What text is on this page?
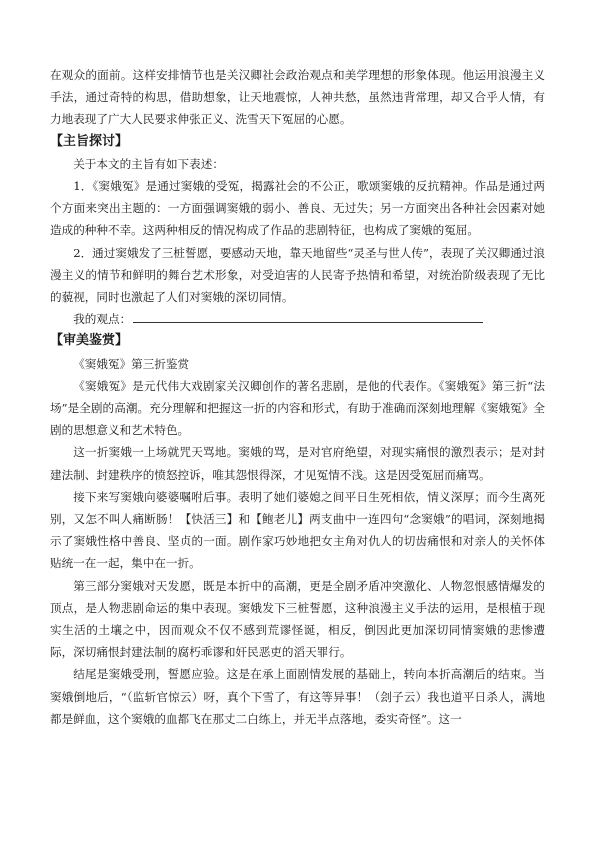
在观众的面前。这样安排情节也是关汉卿社会政治观点和美学理想的形象体现。他运用浪漫主义手法，通过奇特的构思，借助想象，让天地震惊，人神共愁，虽然违背常理，却又合乎人情，有力地表现了广大人民要求伸张正义、洗雪天下冤屈的心愿。

【主旨探讨】

关于本文的主旨有如下表述：

1．《窦娥冤》是通过窦娥的受冤，揭露社会的不公正，歌颂窦娥的反抗精神。作品是通过两个方面来突出主题的：一方面强调窦娥的弱小、善良、无过失；另一方面突出各种社会因素对她造成的种种不幸。这两种相反的情况构成了作品的悲剧特征，也构成了窦娥的冤屈。

2．通过窦娥发了三桩誓愿，要感动天地，靠天地留些“灵圣与世人传”，表现了关汉卿通过浪漫主义的情节和鲜明的舞台艺术形象，对受迫害的人民寄予热情和希望，对统治阶级表现了无比的藐视，同时也激起了人们对窦娥的深切同情。

我的观点：

【审美鉴赏】

《窦娥冤》第三折鉴赏

《窦娥冤》是元代伟大戏剧家关汉卿创作的著名悲剧，是他的代表作。《窦娥冤》第三折“法场”是全剧的高潮。充分理解和把握这一折的内容和形式，有助于准确而深刻地理解《窦娥冤》全剧的思想意义和艺术特色。

这一折窦娥一上场就咒天骂地。窦娥的骂，是对官府绝望，对现实痛恨的激烈表示；是对封建法制、封建秩序的愤怒控诉，唯其怨恨得深，才见冤情不浅。这是因受冤屈而痛骂。

接下来写窦娥向婆婆嘱咐后事。表明了她们婆媳之间平日生死相依，情义深厚；而今生离死别，又怎不叫人痛断肠！【快活三】和【鲍老儿】两支曲中一连四句“念窦娥”的唱词，深刻地揭示了窦娥性格中善良、坚贞的一面。剧作家巧妙地把女主角对仇人的切齿痛恨和对亲人的关怀体贴统一在一起，集中在一折。

第三部分窦娥对天发愿，既是本折中的高潮，更是全剧矛盾冲突激化、人物忽恨感情爆发的顶点，是人物悲剧命运的集中表现。窦娥发下三桩誓愿，这种浪漫主义手法的运用，是根植于现实生活的土壤之中，因而观众不仅不感到荒谬怪诞，相反，倒因此更加深切同情窦娥的悲惨遭际，深切痛恨封建法制的腐朽乖谬和奸民恶吏的滔天罪行。

结尾是窦娥受刑，誓愿应验。这是在承上面剧情发展的基础上，转向本折高潮后的结束。当窦娥倒地后，“（监斩官惊云）呀，真个下雪了，有这等异事！（刽子云）我也道平日杀人，满地都是鲜血，这个窦娥的血都飞在那丈二白练上，并无半点落地，委实奇怪”。这一
